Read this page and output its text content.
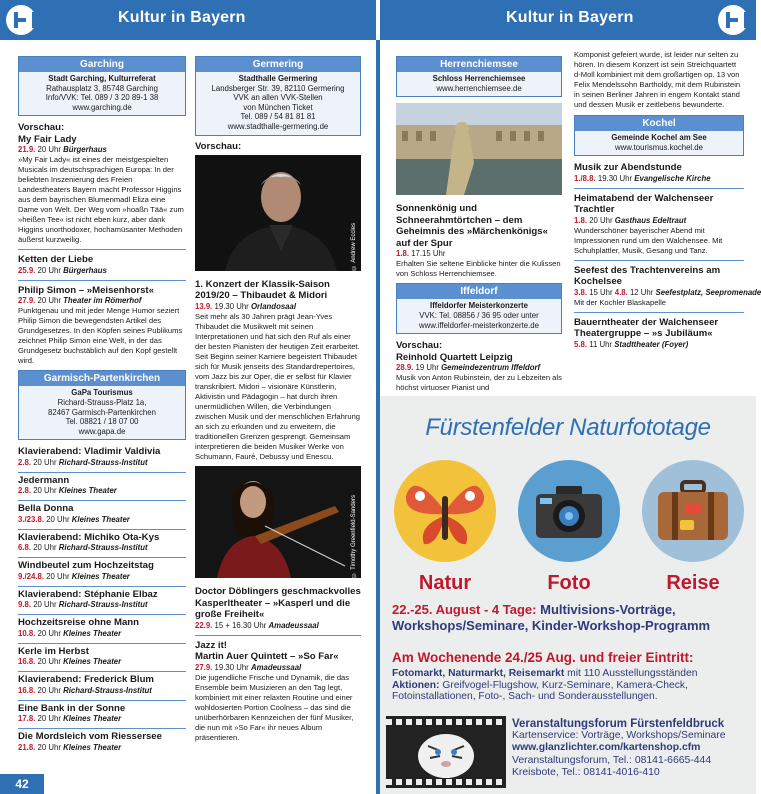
Kultur in Bayern	Kultur in Bayern
Garching
Stadt Garching, Kulturreferat
Rathausplatz 3, 85748 Garching
Info/VVK: Tel. 089 / 3 20 89-1 38
www.garching.de
Vorschau:
My Fair Lady
21.9. 20 Uhr Bürgerhaus
»My Fair Lady« ist eines der meistgespielten Musicals im deutschsprachigen Europa: In der beliebten Inszenierung des Freien Landestheaters Bayern macht Professor Higgins aus dem bayrischen Blumenmadl Eliza eine Dame von Welt. Der Weg vom »hoaßn Tää« zum »heißen Tee« ist nicht eben kurz, aber dank Higgins unorthodoxer, hochamüsanter Methoden äußerst kurzweilig.
Ketten der Liebe
25.9. 20 Uhr Bürgerhaus
Philip Simon – »Meisenhorst«
27.9. 20 Uhr Theater im Römerhof
Punktgenau und mit jeder Menge Humor seziert Philip Simon die bewegendsten Artikel des Grundgesetzes. In den Köpfen seines Publikums zeichnet Philip Simon eine Welt, in der das Grundgesetz buchstäblich auf den Kopf gestellt wird.
Garmisch-Partenkirchen
GaPa Tourismus
Richard-Strauss-Platz 1a,
82467 Garmisch-Partenkirchen
Tel. 08821 / 18 07 00
www.gapa.de
Klavierabend: Vladimir Valdivia
2.8. 20 Uhr Richard-Strauss-Institut
Jedermann
2.8. 20 Uhr Kleines Theater
Bella Donna
3./23.8. 20 Uhr Kleines Theater
Klavierabend: Michiko Ota-Kys
6.8. 20 Uhr Richard-Strauss-Institut
Windbeutel zum Hochzeitstag
9./24.8. 20 Uhr Kleines Theater
Klavierabend: Stéphanie Elbaz
9.8. 20 Uhr Richard-Strauss-Institut
Hochzeitsreise ohne Mann
10.8. 20 Uhr Kleines Theater
Kerle im Herbst
16.8. 20 Uhr Kleines Theater
Klavierabend: Frederick Blum
16.8. 20 Uhr Richard-Strauss-Institut
Eine Bank in der Sonne
17.8. 20 Uhr Kleines Theater
Die Mordsleich vom Riessersee
21.8. 20 Uhr Kleines Theater
Germering
Stadthalle Germering
Landsberger Str. 39, 82110 Germering
VVK an allen VVK-Stellen
von München Ticket
Tel. 089 / 54 81 81 81
www.stadthalle-germering.de
Vorschau:
© Andrew Eccles
1. Konzert der Klassik-Saison 2019/20 – Thibaudet & Midori
13.9. 19.30 Uhr Orlandosaal
Seit mehr als 30 Jahren prägt Jean-Yves Thibaudet die Musikwelt mit seinen Interpretationen und hat sich den Ruf als einer der besten Pianisten der heutigen Zeit erarbeitet. Seit Beginn seiner Karriere begeistert Thibaudet sich für Musik jenseits des Standardrepertoires, vom Jazz bis zur Oper, die er selbst für Klavier transkribiert. Midori – visionäre Künstlerin, Aktivistin und Pädagogin – hat durch ihren unermüdlichen Willen, die Verbindungen zwischen Musik und der menschlichen Erfahrung an sich zu erkunden und zu erweitern, die traditionellen Grenzen gesprengt. Gemeinsam interpretieren die beiden Musiker Werke von Schumann, Fauré, Debussy und Enescu.
© Timothy Greenfield-Sanders
Doctor Döblingers geschmackvolles Kasperltheater – »Kasperl und die große Freiheit«
22.9. 15 + 16.30 Uhr Amadeussaal
Jazz it!
Martin Auer Quintett – »So Far«
27.9. 19.30 Uhr Amadeussaal
Die jugendliche Frische und Dynamik, die das Ensemble beim Musizieren an den Tag legt, kombiniert mit einer relaxten Routine und einer wohldosierten Portion Coolness – das sind die unüberhörbaren Kennzeichen der fünf Musiker, die nun mit »So Far« ihr neues Album präsentieren.
Herrenchiemsee
Schloss Herrenchiemsee
www.herrenchiemsee.de
Sonnenkönig und Schneerahmtörtchen – dem Geheimnis des »Märchenkönigs« auf der Spur
1.8. 17.15 Uhr
Erhalten Sie seltene Einblicke hinter die Kulissen von Schloss Herrenchiemsee.
Iffeldorf
Iffeldorfer Meisterkonzerte
VVK: Tel. 08856 / 36 95 oder unter
www.iffeldorfer-meisterkonzerte.de
Vorschau:
Reinhold Quartett Leipzig
28.9. 19 Uhr Gemeindezentrum Iffeldorf
Musik von Anton Rubinstein, der zu Lebzeiten als höchst virtuoser Pianist und
Komponist gefeiert wurde, ist leider nur selten zu hören. In diesem Konzert ist sein Streichquartett d-Moll kombiniert mit dem großartigen op. 13 von Felix Mendelssohn Bartholdy, mit dem Rubinstein in seinen Berliner Jahren in engem Kontakt stand und dessen Musik er zeitlebens bewunderte.
Kochel
Gemeinde Kochel am See
www.tourismus.kochel.de
Musik zur Abendstunde
1./8.8. 19.30 Uhr Evangelische Kirche
Heimatabend der Walchenseer Trachtler
1.8. 20 Uhr Gasthaus Edeltraut
Wunderschöner bayerischer Abend mit Impressionen rund um den Walchensee. Mit Schuhplattler, Musik, Gesang und Tanz.
Seefest des Trachtenvereins am Kochelsee
3.8. 15 Uhr 4.8. 12 Uhr Seefestplatz, Seepromenade
Mit der Kochler Blaskapelle
Bauerntheater der Walchenseer Theatergruppe – »s Jubiläum«
5.8. 11 Uhr Stadttheater (Foyer)
Fürstenfelder Naturfototage
Natur	Foto	Reise
22.-25. August - 4 Tage: Multivisions-Vorträge,
Workshops/Seminare, Kinder-Workshop-Programm
Am Wochenende 24./25 Aug. und freier Eintritt:
Fotomarkt, Naturmarkt, Reisemarkt mit 110 Ausstellungsständen
Aktionen: Greifvogel-Flugshow, Kurz-Seminare, Kamera-Check, Fotoinstallationen, Foto-, Sach- und Sonderausstellungen.
Veranstaltungsforum Fürstenfeldbruck
Kartenservice: Vorträge, Workshops/Seminare
www.glanzlichter.com/kartenshop.cfm
Veranstaltungsforum, Tel.: 08141-6665-444
Kreisbote, Tel.: 08141-4016-410
42
